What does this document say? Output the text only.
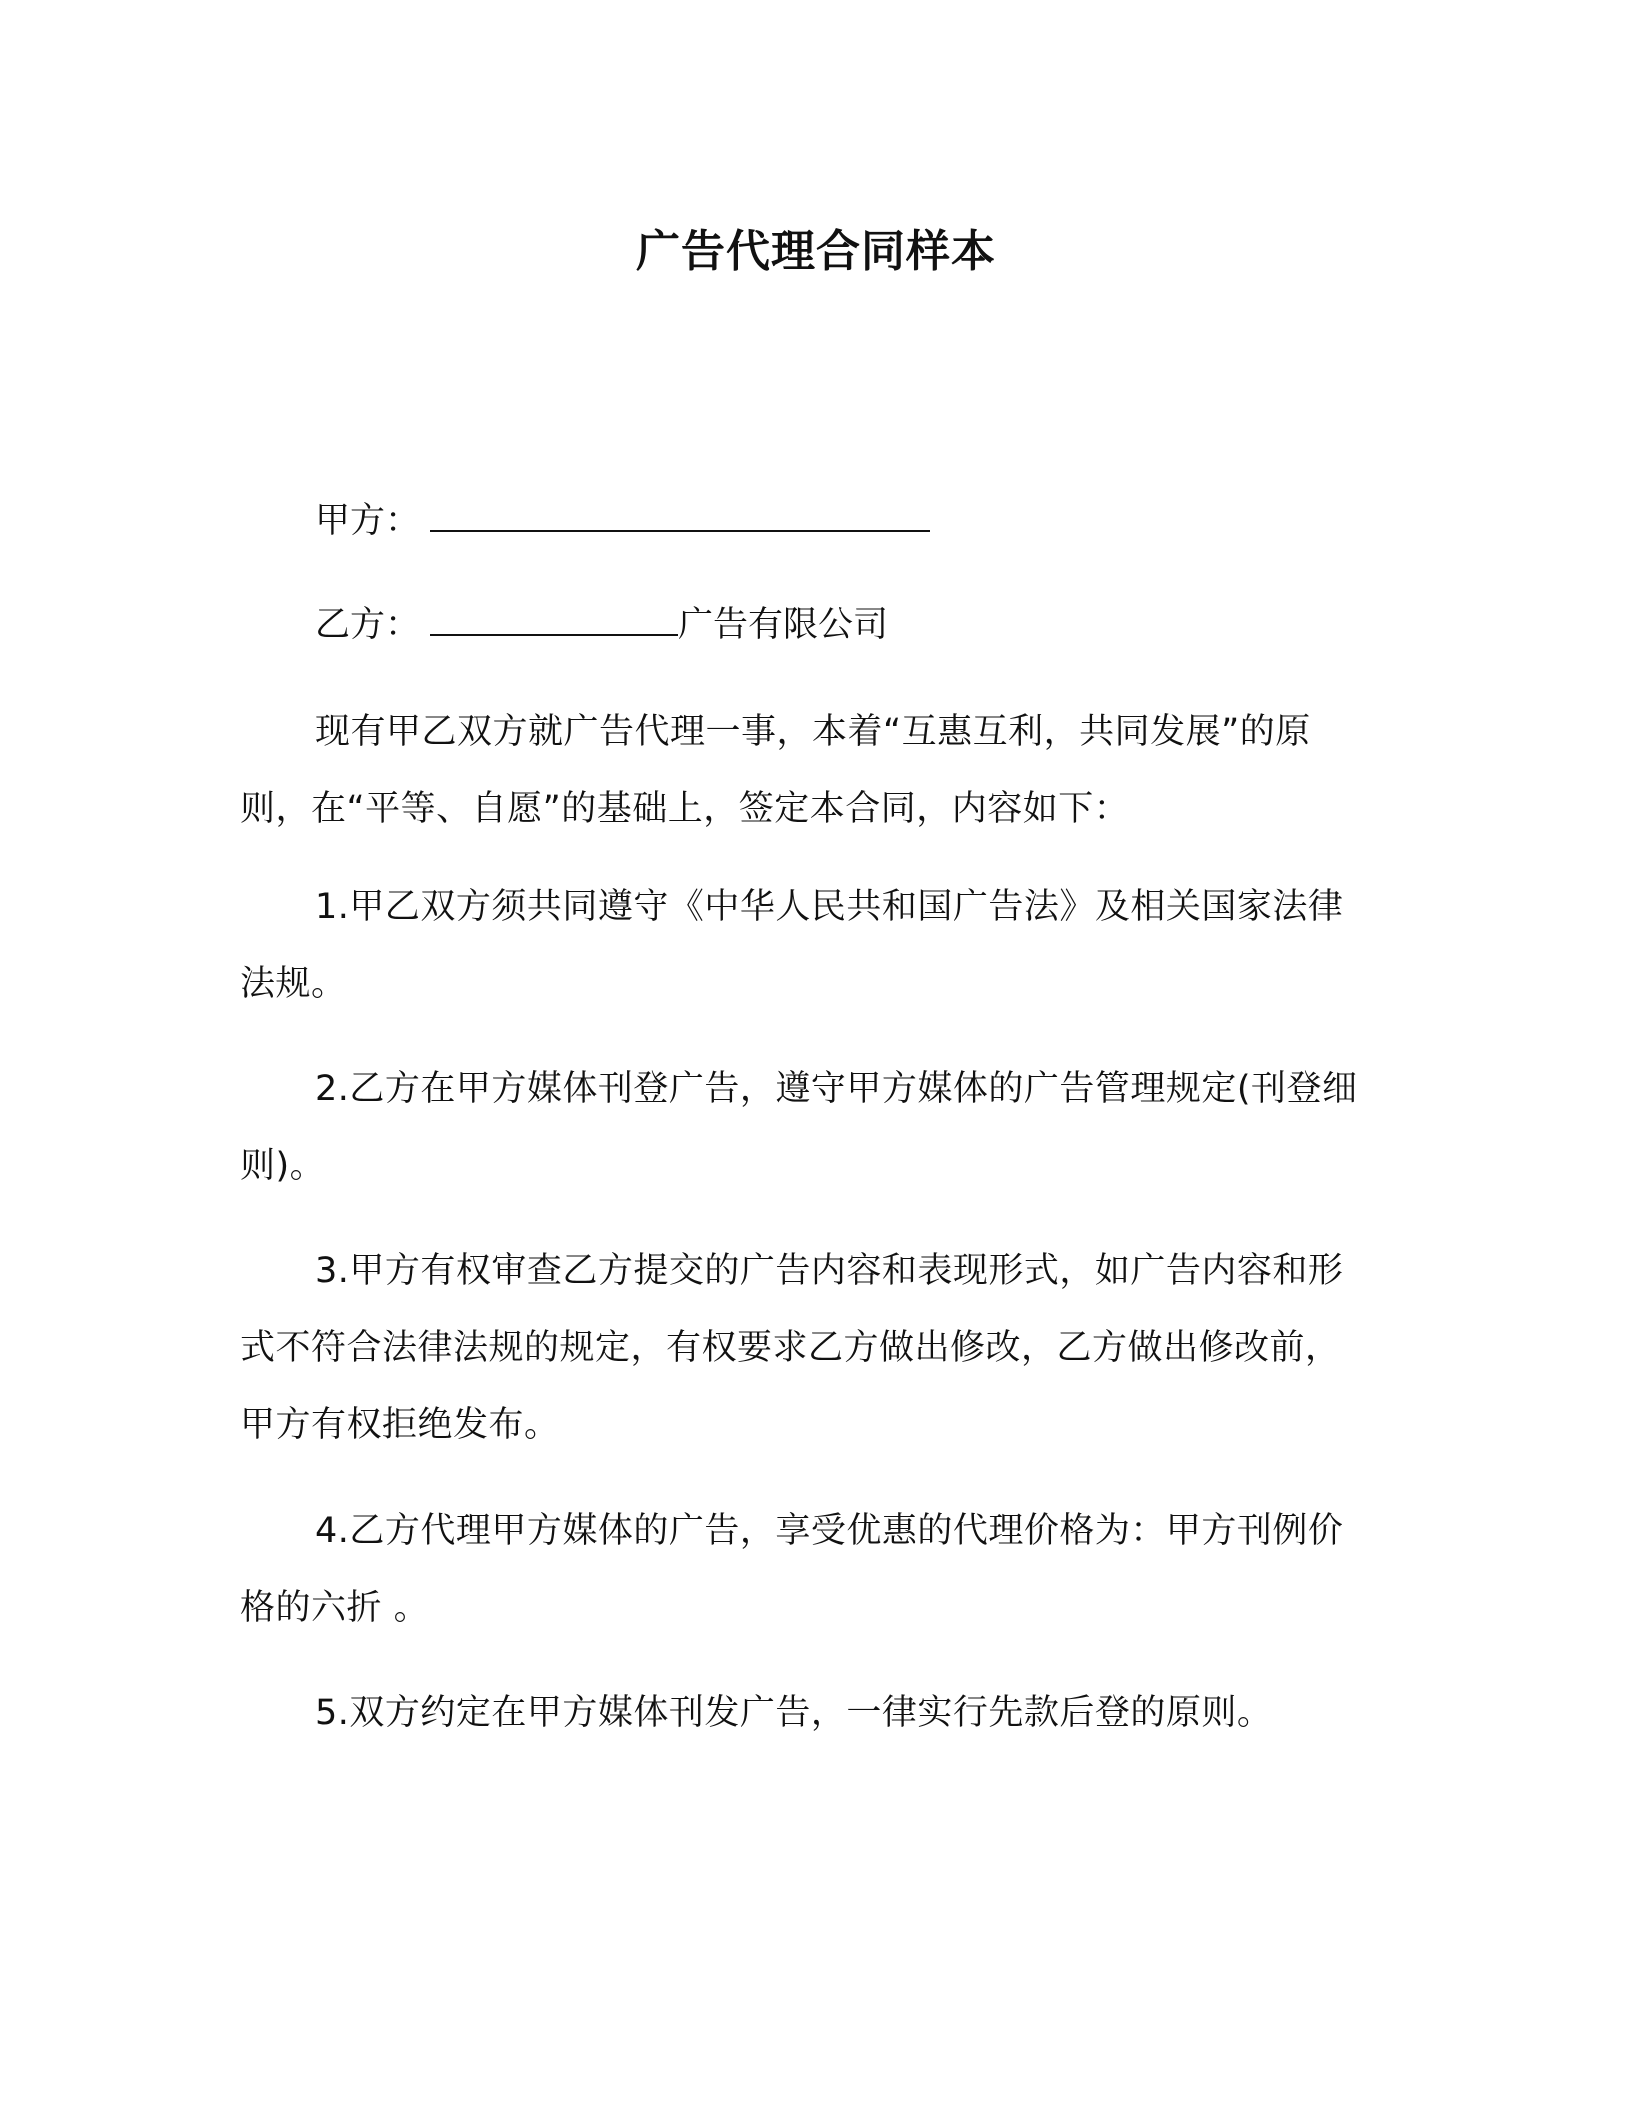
广告代理合同样本
甲方：
乙方：	广告有限公司

现有甲乙双方就广告代理一事，本着“互惠互利，共同发展”的原则，在“平等、自愿”的基础上，签定本合同，内容如下：

1.甲乙双方须共同遵守《中华人民共和国广告法》及相关国家法律法规。

2.乙方在甲方媒体刊登广告，遵守甲方媒体的广告管理规定(刊登细则)。

3.甲方有权审查乙方提交的广告内容和表现形式，如广告内容和形式不符合法律法规的规定，有权要求乙方做出修改，乙方做出修改前，甲方有权拒绝发布。

4.乙方代理甲方媒体的广告，享受优惠的代理价格为：甲方刊例价格的六折 。

5.双方约定在甲方媒体刊发广告，一律实行先款后登的原则。
